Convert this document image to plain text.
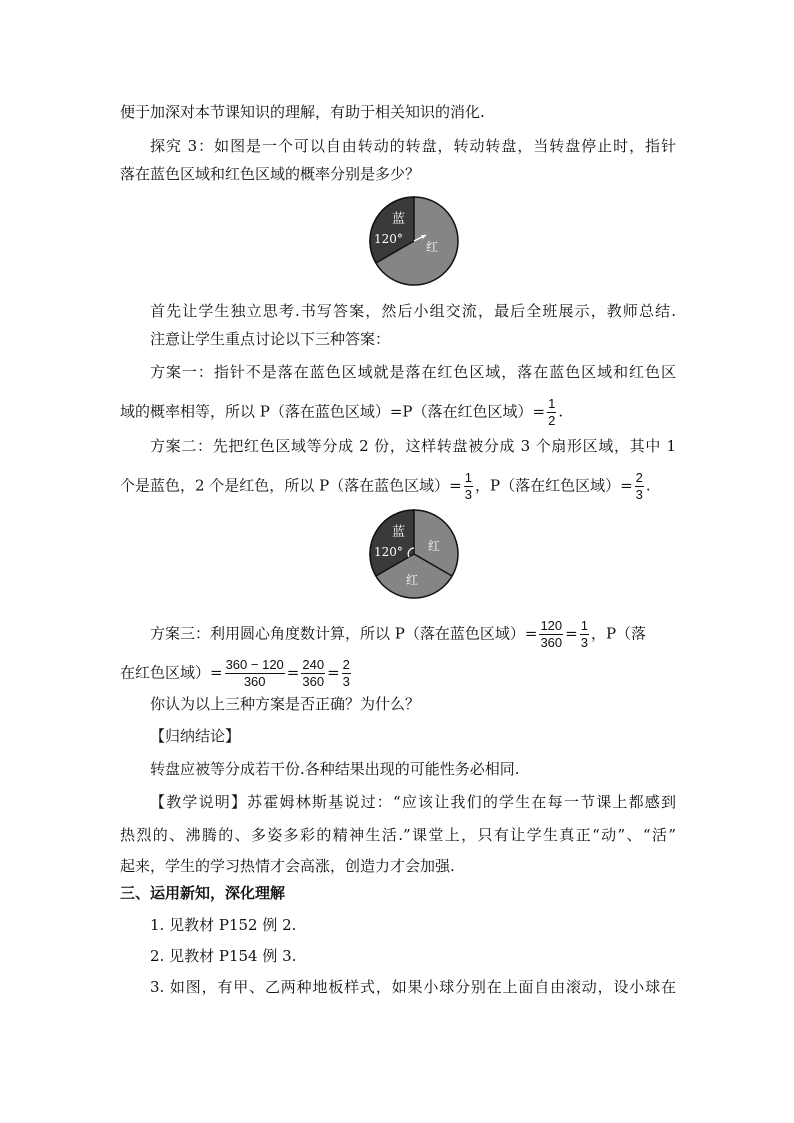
便于加深对本节课知识的理解，有助于相关知识的消化.
探究 3：如图是一个可以自由转动的转盘，转动转盘，当转盘停止时，指针
落在蓝色区域和红色区域的概率分别是多少？
蓝
120°
红
首先让学生独立思考.书写答案，然后小组交流，最后全班展示，教师总结.
注意让学生重点讨论以下三种答案：
方案一：指针不是落在蓝色区域就是落在红色区域，落在蓝色区域和红色区
域的概率相等，所以 P（落在蓝色区域）=P（落在红色区域）= $\frac{1}{2}$ .
方案二：先把红色区域等分成 2 份，这样转盘被分成 3 个扇形区域，其中 1
个是蓝色，2 个是红色，所以 P（落在蓝色区域）= $\frac{1}{3}$ ，P（落在红色区域）= $\frac{2}{3}$ .
蓝
120° 红
红
方案三：利用圆心角度数计算，所以 P（落在蓝色区域）= $\frac{120}{360} = \frac{1}{3}$ ，P（落
在红色区域）= $\frac{360 - 120}{360} = \frac{240}{360} = \frac{2}{3}$
你认为以上三种方案是否正确？为什么？
【归纳结论】
转盘应被等分成若干份.各种结果出现的可能性务必相同.
【教学说明】苏霍姆林斯基说过：“应该让我们的学生在每一节课上都感到
热烈的、沸腾的、多姿多彩的精神生活.”课堂上，只有让学生真正“动”、“活”
起来，学生的学习热情才会高涨，创造力才会加强.
三、运用新知，深化理解
1. 见教材 P152 例 2.
2. 见教材 P154 例 3.
3. 如图，有甲、乙两种地板样式，如果小球分别在上面自由滚动，设小球在
